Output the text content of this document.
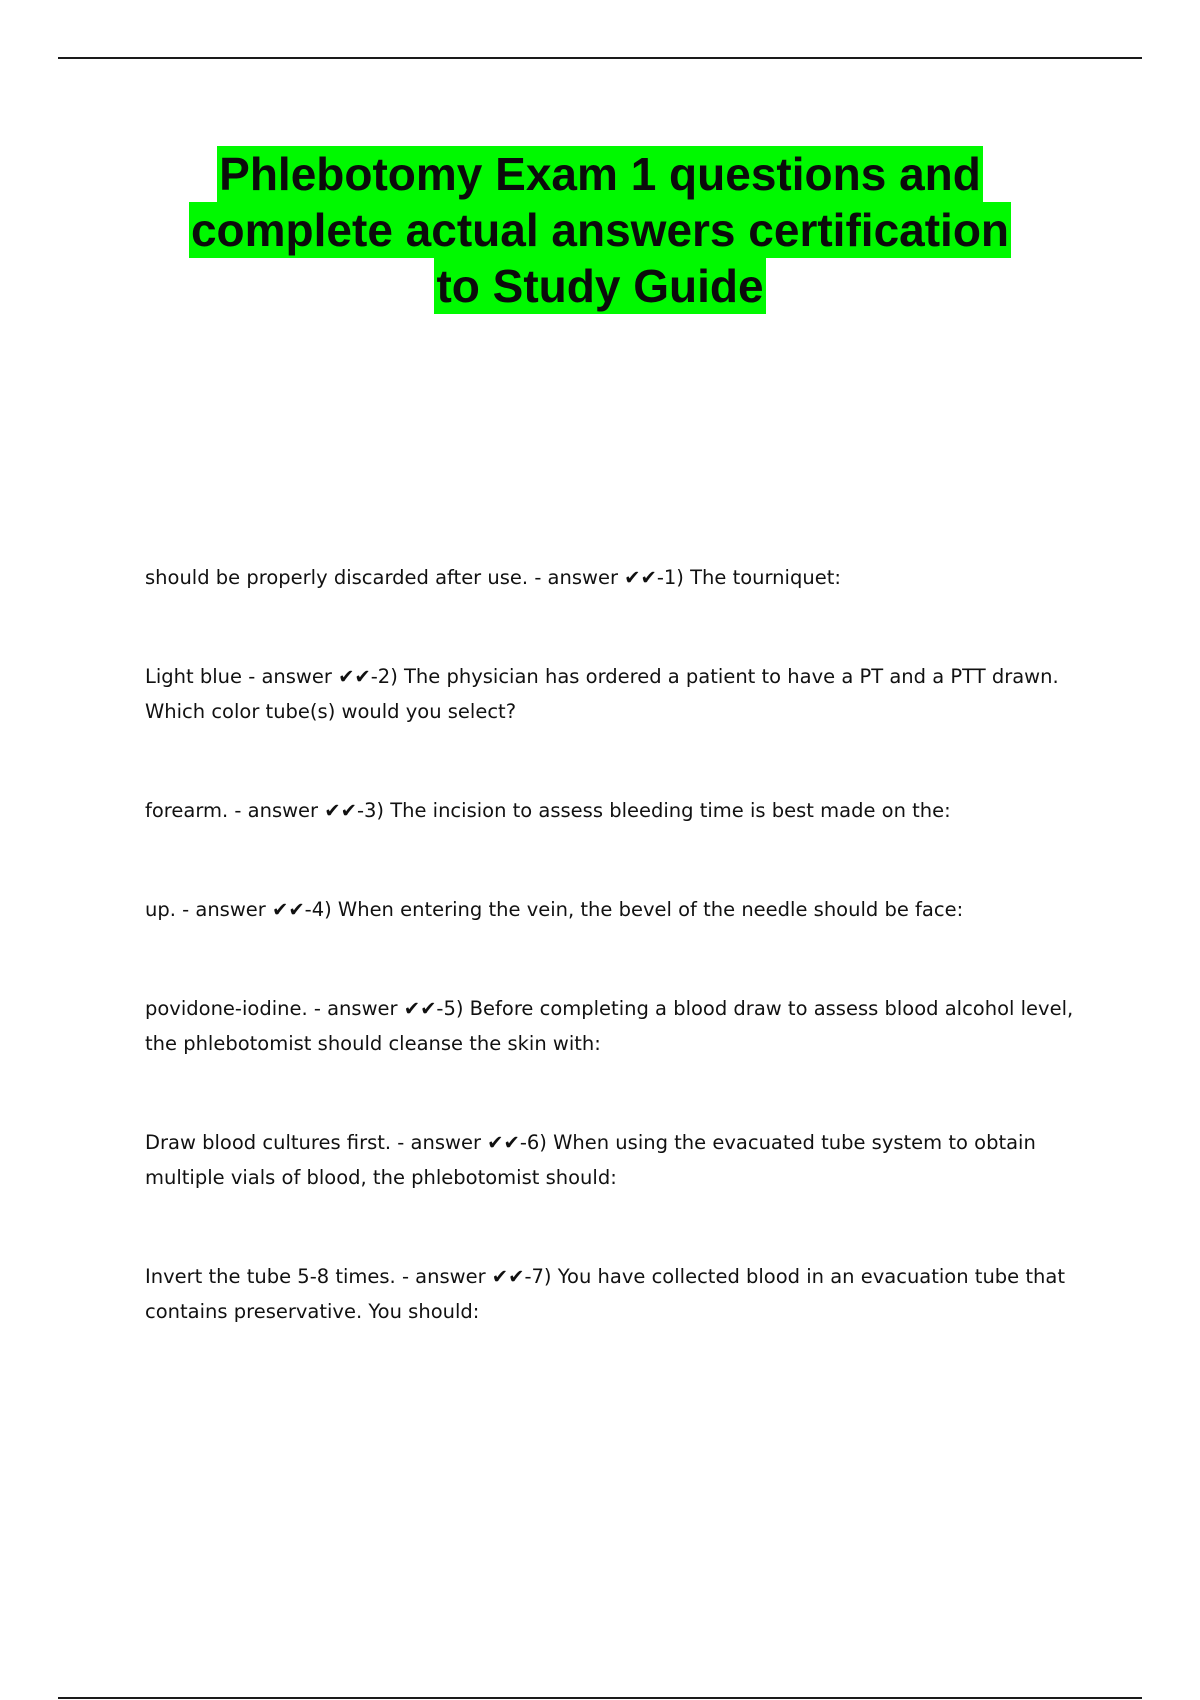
Phlebotomy Exam 1 questions and
complete actual answers certification
to Study Guide
should be properly discarded after use. - answer ✔✔-1) The tourniquet:
Light blue - answer ✔✔-2) The physician has ordered a patient to have a PT and a PTT drawn. Which color tube(s) would you select?
forearm. - answer ✔✔-3) The incision to assess bleeding time is best made on the:
up. - answer ✔✔-4) When entering the vein, the bevel of the needle should be face:
povidone-iodine. - answer ✔✔-5) Before completing a blood draw to assess blood alcohol level, the phlebotomist should cleanse the skin with:
Draw blood cultures first. - answer ✔✔-6) When using the evacuated tube system to obtain multiple vials of blood, the phlebotomist should:
Invert the tube 5-8 times. - answer ✔✔-7) You have collected blood in an evacuation tube that contains preservative. You should:
